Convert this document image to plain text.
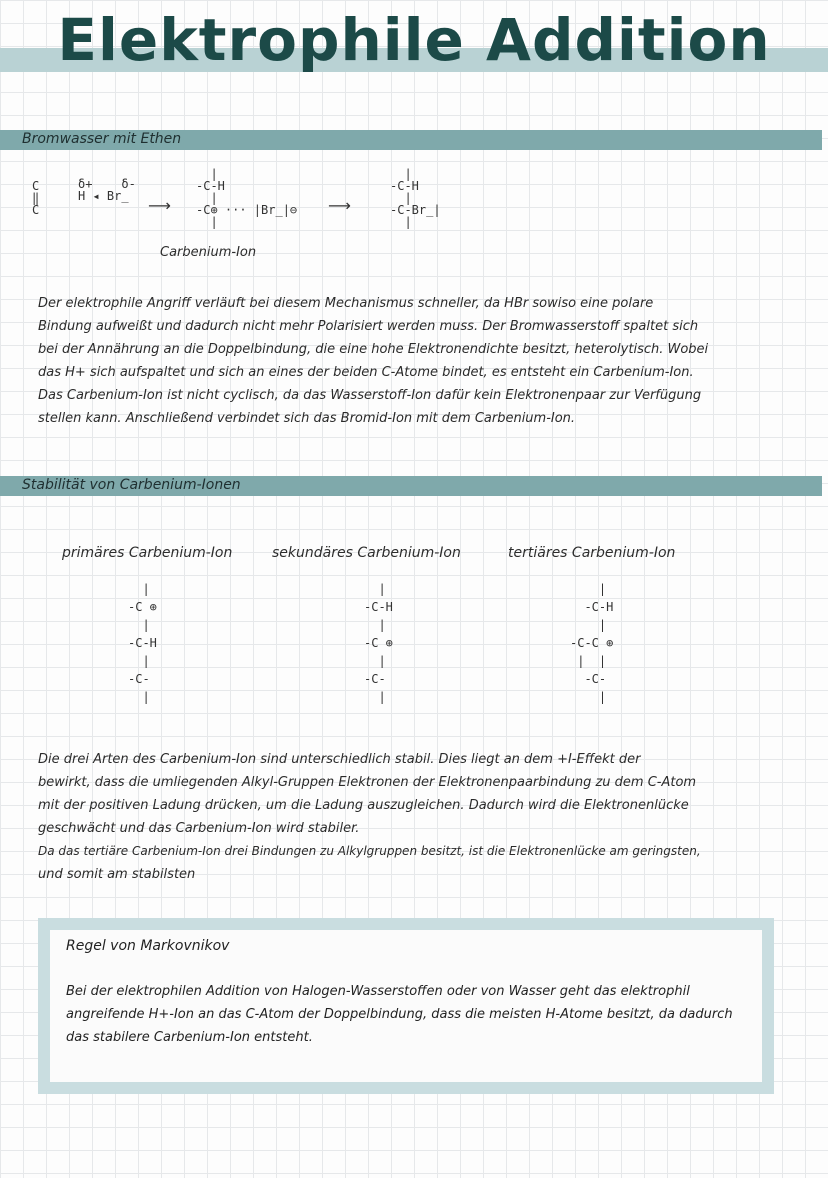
Elektrophile Addition
Bromwasser mit Ethen
C
‖
C
δ+    δ-
H ◂ Br̲	⟶
|
-C-H
|
-C⊕ ··· |Br̲|⊖
|
⟶
|
-C-H
|
-C-Br̲|
|
Carbenium-Ion
Der elektrophile Angriff verläuft bei diesem Mechanismus schneller, da HBr sowiso eine polare
Bindung aufweißt und dadurch nicht mehr Polarisiert werden muss. Der Bromwasserstoff spaltet sich
bei der Annährung an die Doppelbindung, die eine hohe Elektronendichte besitzt, heterolytisch. Wobei
das H+ sich aufspaltet und sich an eines der beiden C-Atome bindet, es entsteht ein Carbenium-Ion.
Das Carbenium-Ion ist nicht cyclisch, da das Wasserstoff-Ion dafür kein Elektronenpaar zur Verfügung
stellen kann. Anschließend verbindet sich das Bromid-Ion mit dem Carbenium-Ion.
Stabilität von Carbenium-Ionen
primäres Carbenium-Ion	sekundäres Carbenium-Ion	tertiäres Carbenium-Ion
|
-C ⊕
|
-C-H
|
-C-
|
|
-C-H
|
-C ⊕
|
-C-
|
|
-C-H
|
-C-C ⊕
|  |
-C-
|
Die drei Arten des Carbenium-Ion sind unterschiedlich stabil. Dies liegt an dem +I-Effekt der
bewirkt, dass die umliegenden Alkyl-Gruppen Elektronen der Elektronenpaarbindung zu dem C-Atom
mit der positiven Ladung drücken, um die Ladung auszugleichen. Dadurch wird die Elektronenlücke
geschwächt und das Carbenium-Ion wird stabiler.
Da das tertiäre Carbenium-Ion drei Bindungen zu Alkylgruppen besitzt, ist die Elektronenlücke am geringsten,
und somit am stabilsten
Regel von Markovnikov
Bei der elektrophilen Addition von Halogen-Wasserstoffen oder von Wasser geht das elektrophil
angreifende H+-Ion an das C-Atom der Doppelbindung, dass die meisten H-Atome besitzt, da dadurch
das stabilere Carbenium-Ion entsteht.
